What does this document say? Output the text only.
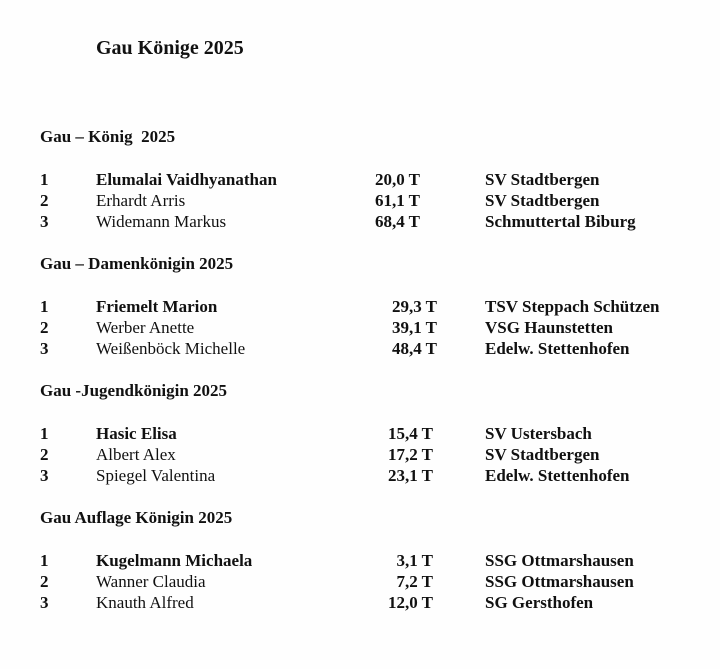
Gau Könige 2025
Gau – König  2025
1	Elumalai Vaidhyanathan	20,0 T	SV Stadtbergen
2	Erhardt Arris	61,1 T	SV Stadtbergen
3	Widemann Markus	68,4 T	Schmuttertal Biburg
Gau – Damenkönigin 2025
1	Friemelt Marion	29,3 T	TSV Steppach Schützen
2	Werber Anette	39,1 T	VSG Haunstetten
3	Weißenböck Michelle	48,4 T	Edelw. Stettenhofen
Gau -Jugendkönigin 2025
1	Hasic Elisa	15,4 T	SV Ustersbach
2	Albert Alex	17,2 T	SV Stadtbergen
3	Spiegel Valentina	23,1 T	Edelw. Stettenhofen
Gau Auflage Königin 2025
1	Kugelmann Michaela	3,1 T	SSG Ottmarshausen
2	Wanner Claudia	7,2 T	SSG Ottmarshausen
3	Knauth Alfred	12,0 T	SG Gersthofen
